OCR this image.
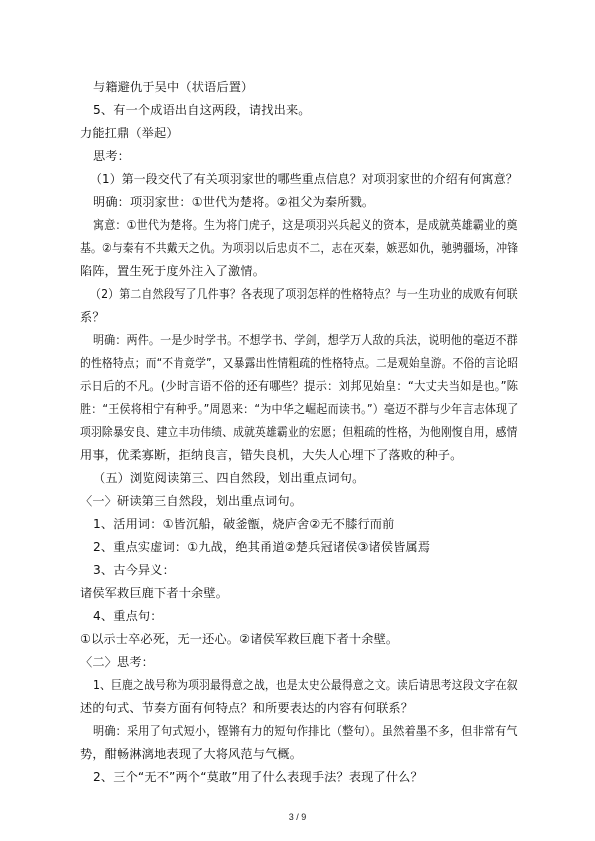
与籍避仇于吴中（状语后置）

5、有一个成语出自这两段，请找出来。

力能扛鼎（举起）

思考：

（1）第一段交代了有关项羽家世的哪些重点信息？对项羽家世的介绍有何寓意？

明确：项羽家世：①世代为楚将。②祖父为秦所戮。

寓意：①世代为楚将。生为将门虎子，这是项羽兴兵起义的资本，是成就英雄霸业的奠

基。②与秦有不共戴天之仇。为项羽以后忠贞不二，志在灭秦，嫉恶如仇，驰骋疆场，冲锋

陷阵，置生死于度外注入了激情。

（2）第二自然段写了几件事？各表现了项羽怎样的性格特点？与一生功业的成败有何联

系？

明确：两件。一是少时学书。不想学书、学剑，想学万人敌的兵法，说明他的毫迈不群

的性格特点；而“不肯竟学”，又暴露出性情粗疏的性格特点。二是观始皇游。不俗的言论昭

示日后的不凡。(少时言语不俗的还有哪些？提示：刘邦见始皇：“大丈夫当如是也。”陈

胜：“王侯将相宁有种乎。”周恩来：“为中华之崛起而读书。”）毫迈不群与少年言志体现了

项羽除暴安良、建立丰功伟绩、成就英雄霸业的宏愿；但粗疏的性格，为他刚愎自用，感情

用事，优柔寡断，拒纳良言，错失良机，大失人心埋下了落败的种子。

（五）浏览阅读第三、四自然段，划出重点词句。

〈一〉研读第三自然段，划出重点词句。

1、活用词：①皆沉船，破釜甑，烧庐舍②无不膝行而前

2、重点实虚词：①九战，绝其甬道②楚兵冠诸侯③诸侯皆属焉

3、古今异义：

诸侯军救巨鹿下者十余壁。

4、重点句：

①以示士卒必死，无一还心。②诸侯军救巨鹿下者十余壁。

〈二〉思考：

1、巨鹿之战号称为项羽最得意之战，也是太史公最得意之文。读后请思考这段文字在叙

述的句式、节奏方面有何特点？和所要表达的内容有何联系？

明确：采用了句式短小，铿锵有力的短句作排比（整句）。虽然着墨不多，但非常有气

势，酣畅淋漓地表现了大将风范与气概。

2、三个“无不”两个“莫敢”用了什么表现手法？表现了什么？

3 / 9
